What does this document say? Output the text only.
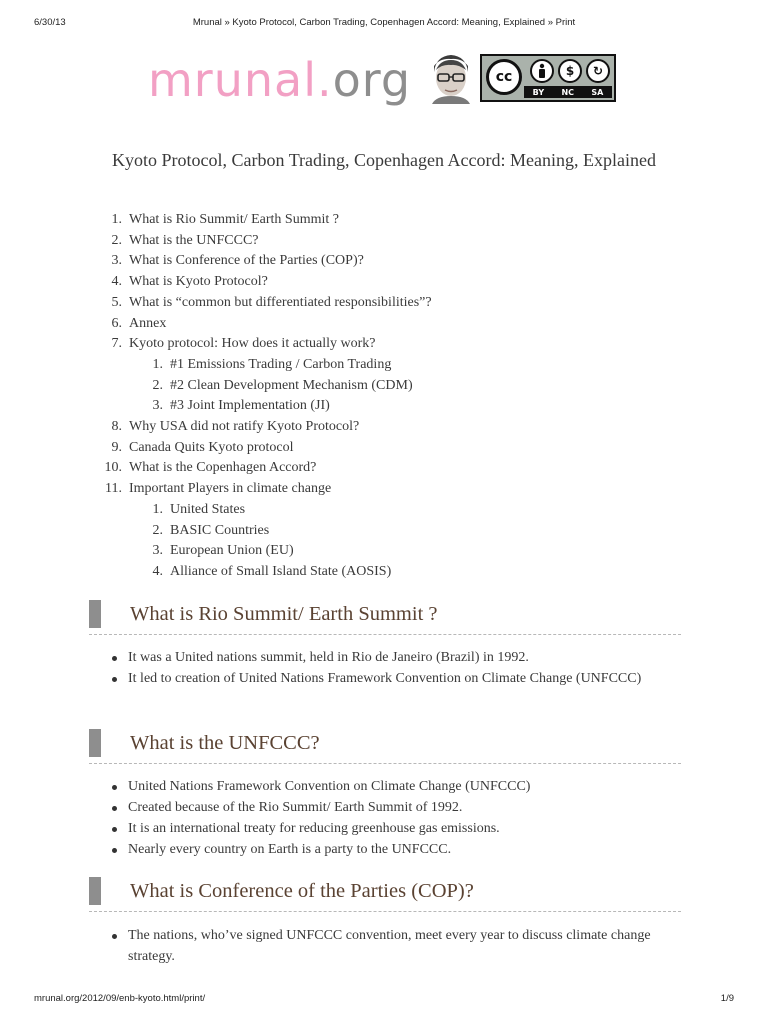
6/30/13	Mrunal » Kyoto Protocol, Carbon Trading, Copenhagen Accord: Meaning, Explained » Print
mrunal.org	cc	$	↻
BY NC SA
Kyoto Protocol, Carbon Trading, Copenhagen Accord: Meaning, Explained
1. What is Rio Summit/ Earth Summit ?
2. What is the UNFCCC?
3. What is Conference of the Parties (COP)?
4. What is Kyoto Protocol?
5. What is “common but differentiated responsibilities”?
6. Annex
7. Kyoto protocol: How does it actually work?
1. #1 Emissions Trading / Carbon Trading
2. #2 Clean Development Mechanism (CDM)
3. #3 Joint Implementation (JI)
8. Why USA did not ratify Kyoto Protocol?
9. Canada Quits Kyoto protocol
10. What is the Copenhagen Accord?
11. Important Players in climate change
1. United States
2. BASIC Countries
3. European Union (EU)
4. Alliance of Small Island State (AOSIS)
What is Rio Summit/ Earth Summit ?
It was a United nations summit, held in Rio de Janeiro (Brazil) in 1992.
It led to creation of United Nations Framework Convention on Climate Change (UNFCCC)
What is the UNFCCC?
United Nations Framework Convention on Climate Change (UNFCCC)
Created because of the Rio Summit/ Earth Summit of 1992.
It is an international treaty for reducing greenhouse gas emissions.
Nearly every country on Earth is a party to the UNFCCC.
What is Conference of the Parties (COP)?
The nations, who’ve signed UNFCCC convention, meet every year to discuss climate change strategy.
mrunal.org/2012/09/enb-kyoto.html/print/	1/9
